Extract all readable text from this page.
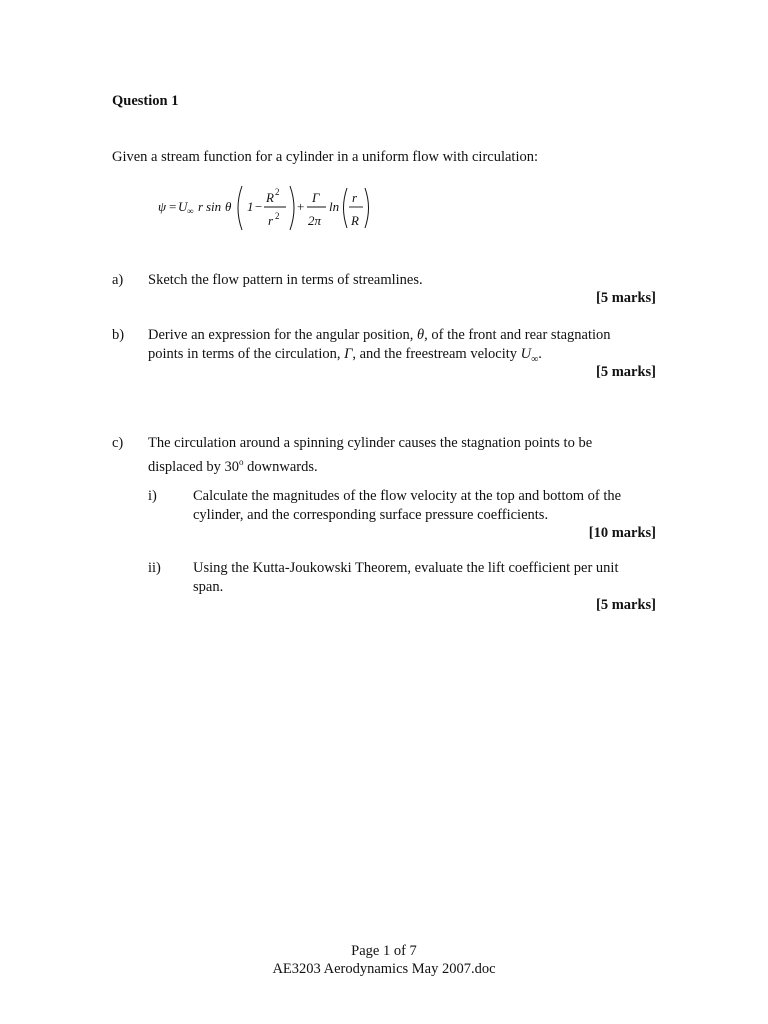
Question 1
Given a stream function for a cylinder in a uniform flow with circulation:
ψ = U ∞ r sin θ 1 −
R 2
r 2
+
Γ
2π
ln
r
R
a) Sketch the flow pattern in terms of streamlines.
[5 marks]
b) Derive an expression for the angular position, θ, of the front and rear stagnation
points in terms of the circulation, Γ, and the freestream velocity $U_\infty$.
[5 marks]
c) The circulation around a spinning cylinder causes the stagnation points to be
displaced by 30$^o$ downwards.
i) Calculate the magnitudes of the flow velocity at the top and bottom of the
cylinder, and the corresponding surface pressure coefficients.
[10 marks]
ii) Using the Kutta-Joukowski Theorem, evaluate the lift coefficient per unit
span.
[5 marks]
Page 1 of 7
AE3203 Aerodynamics May 2007.doc
